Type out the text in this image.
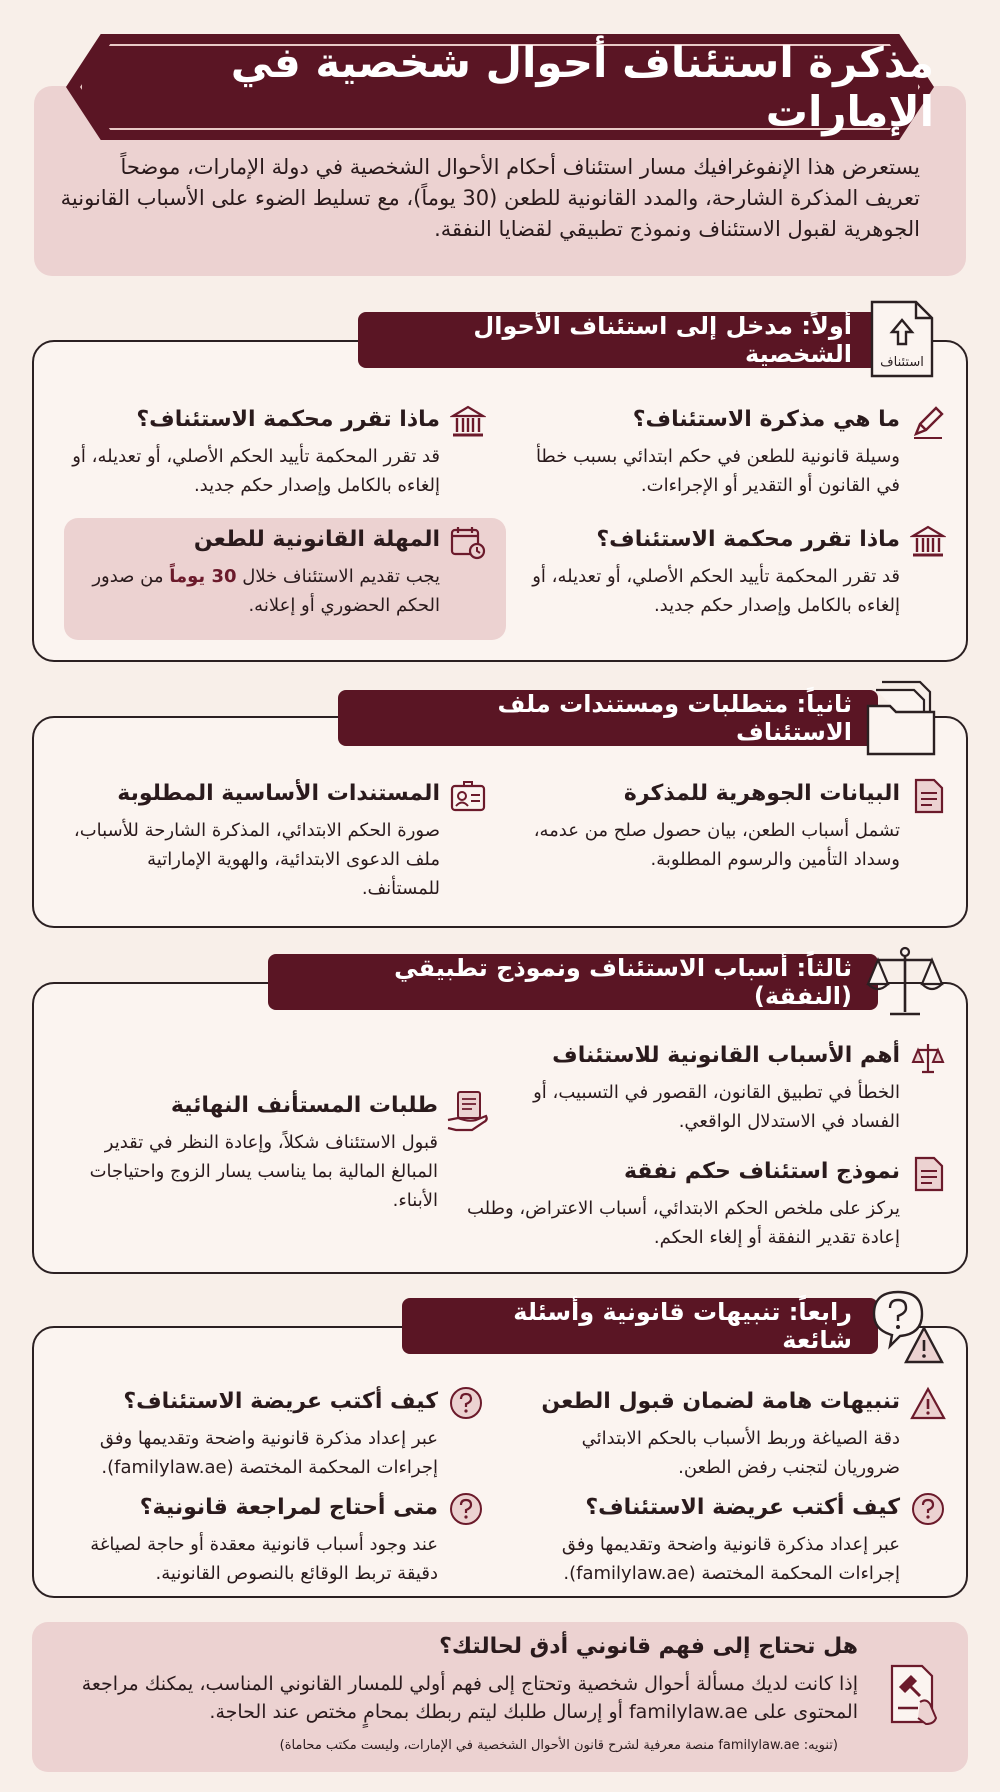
مذكرة استئناف أحوال شخصية في الإمارات
يستعرض هذا الإنفوغرافيك مسار استئناف أحكام الأحوال الشخصية في دولة الإمارات، موضحاً تعريف المذكرة الشارحة، والمدد القانونية للطعن (30 يوماً)، مع تسليط الضوء على الأسباب القانونية الجوهرية لقبول الاستئناف ونموذج تطبيقي لقضايا النفقة.
ما هي مذكرة الاستئناف؟

وسيلة قانونية للطعن في حكم ابتدائي بسبب خطأ في القانون أو التقدير أو الإجراءات.

ماذا تقرر محكمة الاستئناف؟

قد تقرر المحكمة تأييد الحكم الأصلي، أو تعديله، أو إلغاءه بالكامل وإصدار حكم جديد.

ماذا تقرر محكمة الاستئناف؟

قد تقرر المحكمة تأييد الحكم الأصلي، أو تعديله، أو إلغاءه بالكامل وإصدار حكم جديد.

المهلة القانونية للطعن

يجب تقديم الاستئناف خلال 30 يوماً من صدور الحكم الحضوري أو إعلانه.

أولاً: مدخل إلى استئناف الأحوال الشخصية	استئناف
البيانات الجوهرية للمذكرة

تشمل أسباب الطعن، بيان حصول صلح من عدمه، وسداد التأمين والرسوم المطلوبة.

المستندات الأساسية المطلوبة

صورة الحكم الابتدائي، المذكرة الشارحة للأسباب، ملف الدعوى الابتدائية، والهوية الإماراتية للمستأنف.

ثانياً: متطلبات ومستندات ملف الاستئناف
أهم الأسباب القانونية للاستئناف

الخطأ في تطبيق القانون، القصور في التسبيب، أو الفساد في الاستدلال الواقعي.

نموذج استئناف حكم نفقة

يركز على ملخص الحكم الابتدائي، أسباب الاعتراض، وطلب إعادة تقدير النفقة أو إلغاء الحكم.

طلبات المستأنف النهائية

قبول الاستئناف شكلاً، وإعادة النظر في تقدير المبالغ المالية بما يناسب يسار الزوج واحتياجات الأبناء.

ثالثاً: أسباب الاستئناف ونموذج تطبيقي (النفقة)
تنبيهات هامة لضمان قبول الطعن

دقة الصياغة وربط الأسباب بالحكم الابتدائي ضروريان لتجنب رفض الطعن.

كيف أكتب عريضة الاستئناف؟

عبر إعداد مذكرة قانونية واضحة وتقديمها وفق إجراءات المحكمة المختصة (familylaw.ae).

كيف أكتب عريضة الاستئناف؟

عبر إعداد مذكرة قانونية واضحة وتقديمها وفق إجراءات المحكمة المختصة (familylaw.ae).

متى أحتاج لمراجعة قانونية؟

عند وجود أسباب قانونية معقدة أو حاجة لصياغة دقيقة تربط الوقائع بالنصوص القانونية.

رابعاً: تنبيهات قانونية وأسئلة شائعة
هل تحتاج إلى فهم قانوني أدق لحالتك؟

إذا كانت لديك مسألة أحوال شخصية وتحتاج إلى فهم أولي للمسار القانوني المناسب، يمكنك مراجعة المحتوى على familylaw.ae أو إرسال طلبك ليتم ربطك بمحامٍ مختص عند الحاجة.

(تنويه: familylaw.ae منصة معرفية لشرح قانون الأحوال الشخصية في الإمارات، وليست مكتب محاماة)
